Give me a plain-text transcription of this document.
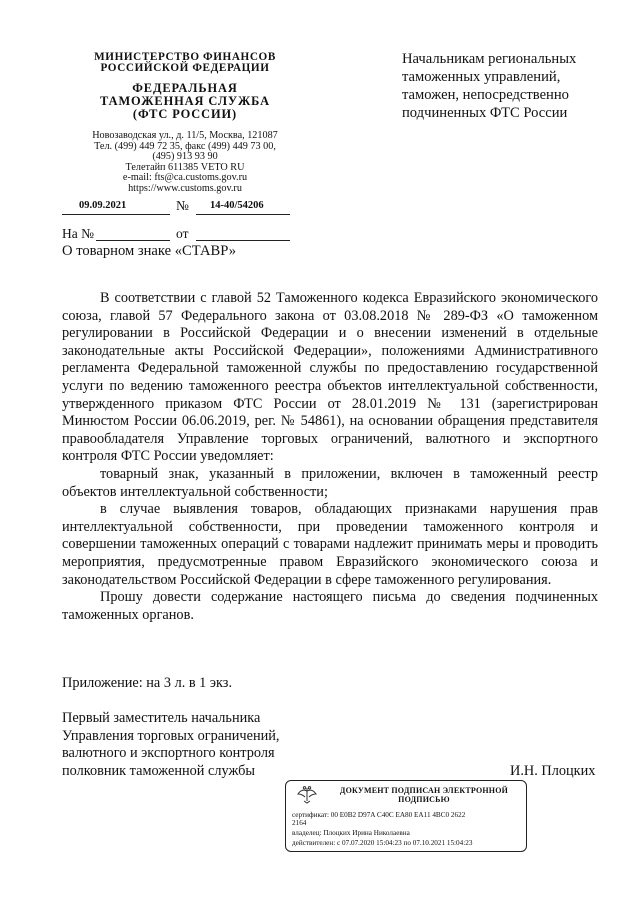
МИНИСТЕРСТВО ФИНАНСОВ
РОССИЙСКОЙ ФЕДЕРАЦИИ
ФЕДЕРАЛЬНАЯ
ТАМОЖЕННАЯ СЛУЖБА
(ФТС РОССИИ)
Новозаводская ул., д. 11/5, Москва, 121087
Тел. (499) 449 72 35, факс (499) 449 73 00,
(495) 913 93 90
Телетайп 611385 VETO RU
e-mail: fts@ca.customs.gov.ru
https://www.customs.gov.ru
Начальникам региональных
таможенных управлений,
таможен, непосредственно
подчиненных ФТС России
09.09.2021	№ 14-40/54206
На №	от
О товарном знаке «СТАВР»

В соответствии с главой 52 Таможенного кодекса Евразийского экономического союза, главой 57 Федерального закона от 03.08.2018 № 289-ФЗ «О таможенном регулировании в Российской Федерации и о внесении изменений в отдельные законодательные акты Российской Федерации», положениями Административного регламента Федеральной таможенной службы по предоставлению государственной услуги по ведению таможенного реестра объектов интеллектуальной собственности, утвержденного приказом ФТС России от 28.01.2019 № 131 (зарегистрирован Минюстом России 06.06.2019, рег. № 54861), на основании обращения представителя правообладателя Управление торговых ограничений, валютного и экспортного контроля ФТС России уведомляет:

товарный знак, указанный в приложении, включен в таможенный реестр объектов интеллектуальной собственности;

в случае выявления товаров, обладающих признаками нарушения прав интеллектуальной собственности, при проведении таможенного контроля и совершении таможенных операций с товарами надлежит принимать меры и проводить мероприятия, предусмотренные правом Евразийского экономического союза и законодательством Российской Федерации в сфере таможенного регулирования.

Прошу довести содержание настоящего письма до сведения подчиненных таможенных органов.

Приложение: на 3 л. в 1 экз.
Первый заместитель начальника
Управления торговых ограничений,
валютного и экспортного контроля
полковник таможенной службы	И.Н. Плоцких
ДОКУМЕНТ ПОДПИСАН ЭЛЕКТРОННОЙ
ПОДПИСЬЮ
сертификат: 00 E0B2 D97A C40C EA80 EA11 4BC0 2622
2164
владелец: Плоцких Ирина Николаевна
действителен: с 07.07.2020 15:04:23 по 07.10.2021 15:04:23
